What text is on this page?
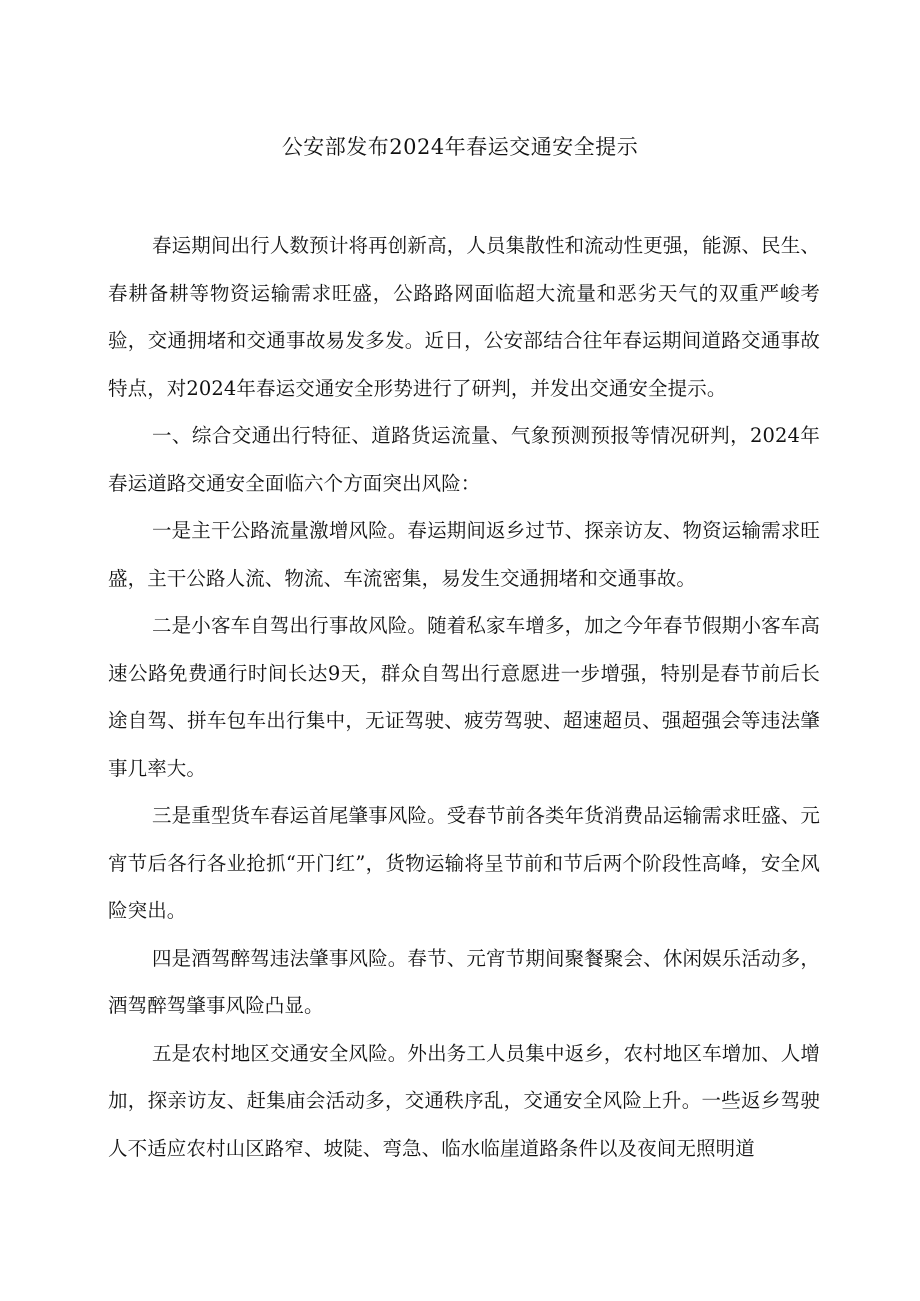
公安部发布2024年春运交通安全提示

春运期间出行人数预计将再创新高，人员集散性和流动性更强，能源、民生、春耕备耕等物资运输需求旺盛，公路路网面临超大流量和恶劣天气的双重严峻考验，交通拥堵和交通事故易发多发。近日，公安部结合往年春运期间道路交通事故特点，对2024年春运交通安全形势进行了研判，并发出交通安全提示。

一、综合交通出行特征、道路货运流量、气象预测预报等情况研判，2024年春运道路交通安全面临六个方面突出风险：

一是主干公路流量激增风险。春运期间返乡过节、探亲访友、物资运输需求旺盛，主干公路人流、物流、车流密集，易发生交通拥堵和交通事故。

二是小客车自驾出行事故风险。随着私家车增多，加之今年春节假期小客车高速公路免费通行时间长达9天，群众自驾出行意愿进一步增强，特别是春节前后长途自驾、拼车包车出行集中，无证驾驶、疲劳驾驶、超速超员、强超强会等违法肇事几率大。

三是重型货车春运首尾肇事风险。受春节前各类年货消费品运输需求旺盛、元宵节后各行各业抢抓“开门红”，货物运输将呈节前和节后两个阶段性高峰，安全风险突出。

四是酒驾醉驾违法肇事风险。春节、元宵节期间聚餐聚会、休闲娱乐活动多，酒驾醉驾肇事风险凸显。

五是农村地区交通安全风险。外出务工人员集中返乡，农村地区车增加、人增加，探亲访友、赶集庙会活动多，交通秩序乱，交通安全风险上升。一些返乡驾驶人不适应农村山区路窄、坡陡、弯急、临水临崖道路条件以及夜间无照明道
